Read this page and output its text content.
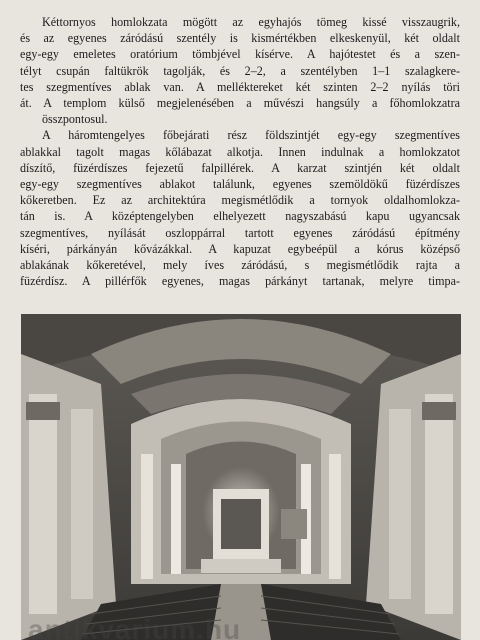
Kéttornyos homlokzata mögött az egyhajós tömeg kissé visszaugrik,
és az egyenes záródású szentély is kismértékben elkeskenyül, két oldalt
egy-egy emeletes oratórium tömbjével kísérve. A hajótestet és a szen-
télyt csupán faltükrök tagolják, és 2–2, a szentélyben 1–1 szalagkere-
tes szegmentíves ablak van. A melléktereket két szinten 2–2 nyílás töri
át. A templom külső megjelenésében a művészi hangsúly a főhomlokzatra
összpontosul.

A háromtengelyes főbejárati rész földszintjét egy-egy szegmentíves
ablakkal tagolt magas kőlábazat alkotja. Innen indulnak a homlokzatot
díszítő, füzérdíszes fejezetű falpillérek. A karzat szintjén két oldalt
egy-egy szegmentíves ablakot találunk, egyenes szemöldökű füzérdíszes
kőkeretben. Ez az architektúra megismétlődik a tornyok oldalhomlokza-
tán is. A középtengelyben elhelyezett nagyszabású kapu ugyancsak
szegmentíves, nyílását oszloppárral tartott egyenes záródású építmény
kíséri, párkányán kővázákkal. A kapuzat egybeépül a kórus középső
ablakának kőkeretével, mely íves záródású, s megismétlődik rajta a
füzérdísz. A pillérfők egyenes, magas párkányt tartanak, melyre timpa-

antikvarium.hu
